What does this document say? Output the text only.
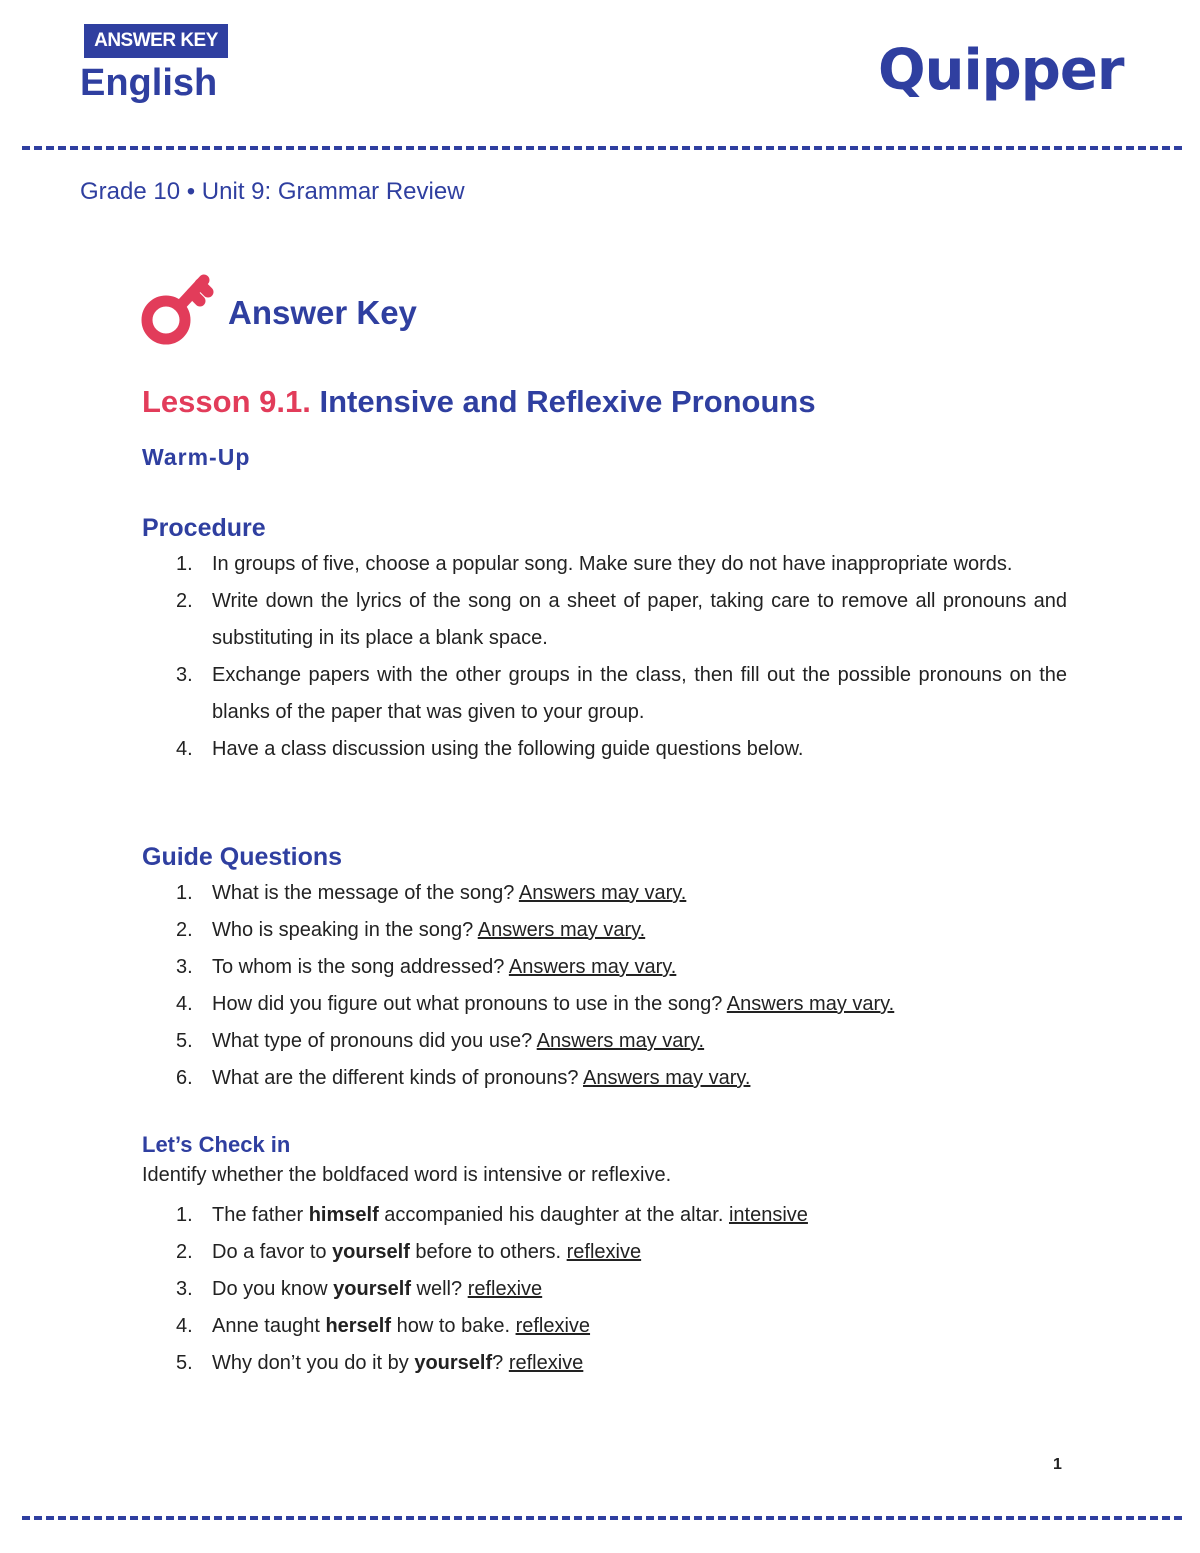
ANSWER KEY
English	Quipper
Grade 10 • Unit 9: Grammar Review
Answer Key
Lesson 9.1. Intensive and Reflexive Pronouns
Warm-Up
Procedure
1. In groups of five, choose a popular song. Make sure they do not have inappropriate words.
2. Write down the lyrics of the song on a sheet of paper, taking care to remove all pronouns and substituting in its place a blank space.
3. Exchange papers with the other groups in the class, then fill out the possible pronouns on the blanks of the paper that was given to your group.
4. Have a class discussion using the following guide questions below.
Guide Questions
1. What is the message of the song? Answers may vary.
2. Who is speaking in the song? Answers may vary.
3. To whom is the song addressed? Answers may vary.
4. How did you figure out what pronouns to use in the song? Answers may vary.
5. What type of pronouns did you use? Answers may vary.
6. What are the different kinds of pronouns? Answers may vary.
Let’s Check in
Identify whether the boldfaced word is intensive or reflexive.
1. The father himself accompanied his daughter at the altar. intensive
2. Do a favor to yourself before to others. reflexive
3. Do you know yourself well? reflexive
4. Anne taught herself how to bake. reflexive
5. Why don’t you do it by yourself? reflexive
1
